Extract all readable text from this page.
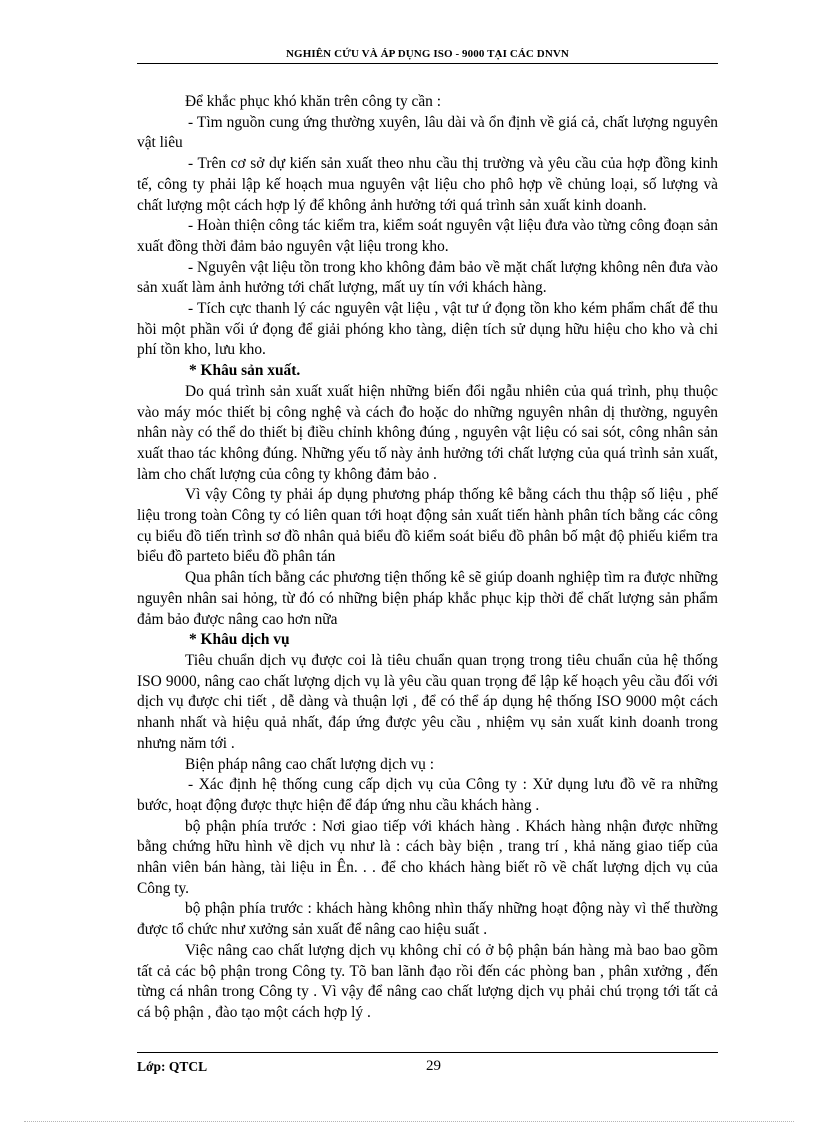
NGHIÊN CỨU VÀ ÁP DỤNG ISO - 9000 TẠI CÁC DNVN

Để khắc phục khó khăn trên công ty cần :

- Tìm nguồn cung ứng thường xuyên, lâu dài và ổn định về giá cả, chất lượng nguyên vật liêu

- Trên cơ sở dự kiến sản xuất theo nhu cầu thị trường và yêu cầu của hợp đồng kinh tế, công ty phải lập kế hoạch mua nguyên vật liệu cho phô hợp về chủng loại, số lượng và chất lượng một cách hợp lý để không ảnh hưởng tới quá trình sản xuất kinh doanh.

- Hoàn thiện công tác kiểm tra, kiểm soát nguyên vật liệu đưa vào từng công đoạn sản xuất đồng thời đảm bảo nguyên vật liệu trong kho.

- Nguyên vật liệu tồn trong kho không đảm bảo về mặt chất lượng không nên đưa vào sản xuất làm ảnh hưởng tới chất lượng, mất uy tín với khách hàng.

- Tích cực thanh lý các nguyên vật liệu , vật tư ứ đọng tồn kho kém phẩm chất để thu hồi một phần vối ứ đọng để giải phóng kho tàng, diện tích sử dụng hữu hiệu cho kho và chi phí tồn kho, lưu kho.

* Khâu sản xuất.

Do quá trình sản xuất xuất hiện những biến đổi ngẫu nhiên của quá trình, phụ thuộc vào máy móc thiết bị công nghệ và cách đo hoặc do những nguyên nhân dị thường, nguyên nhân này có thể do thiết bị điều chỉnh không đúng , nguyên vật liệu có sai sót, công nhân sản xuất thao tác không đúng. Những yếu tố này ảnh hưởng tới chất lượng của quá trình sản xuất, làm cho chất lượng của công ty không đảm bảo .

Vì vậy Công ty phải áp dụng phương pháp thống kê bằng cách thu thập số liệu , phế liệu trong toàn Công ty có liên quan tới hoạt động sản xuất tiến hành phân tích bằng các công cụ biểu đồ tiến trình sơ đồ nhân quả biểu đồ kiểm soát biểu đồ phân bố mật độ phiếu kiểm tra biểu đồ parteto biểu đồ phân tán

Qua phân tích bằng các phương tiện thống kê sẽ giúp doanh nghiệp tìm ra được những nguyên nhân sai hỏng, từ đó có những biện pháp khắc phục kịp thời để chất lượng sản phẩm đảm bảo được nâng cao hơn nữa

* Khâu dịch vụ

Tiêu chuẩn dịch vụ được coi là tiêu chuẩn quan trọng trong tiêu chuẩn của hệ thống ISO 9000, nâng cao chất lượng dịch vụ là yêu cầu quan trọng để lập kế hoạch yêu cầu đối với dịch vụ được chi tiết , dễ dàng và thuận lợi , để có thể áp dụng hệ thống ISO 9000 một cách nhanh nhất và hiệu quả nhất, đáp ứng được yêu cầu , nhiệm vụ sản xuất kinh doanh trong nhưng năm tới .

Biện pháp nâng cao chất lượng dịch vụ :

- Xác định hệ thống cung cấp dịch vụ của Công ty : Xử dụng lưu đồ vẽ ra những bước, hoạt động được thực hiện để đáp ứng nhu cầu khách hàng .

bộ phận phía trước : Nơi giao tiếp với khách hàng . Khách hàng nhận được những bằng chứng hữu hình về dịch vụ như là : cách bày biện , trang trí , khả năng giao tiếp của nhân viên bán hàng, tài liệu in Ên. . . để cho khách hàng biết rõ về chất lượng dịch vụ của Công ty.

bộ phận phía trước : khách hàng không nhìn thấy những hoạt động này vì thế thường được tổ chức như xưởng sản xuất để nâng cao hiệu suất .

Việc nâng cao chất lượng dịch vụ không chỉ có ở bộ phận bán hàng mà bao bao gồm tất cả các bộ phận trong Công ty. Tõ ban lãnh đạo rồi đến các phòng ban , phân xưởng , đến từng cá nhân trong Công ty . Vì vậy để nâng cao chất lượng dịch vụ phải chú trọng tới tất cả cá bộ phận , đào tạo một cách hợp lý .

Lớp: QTCL	29
